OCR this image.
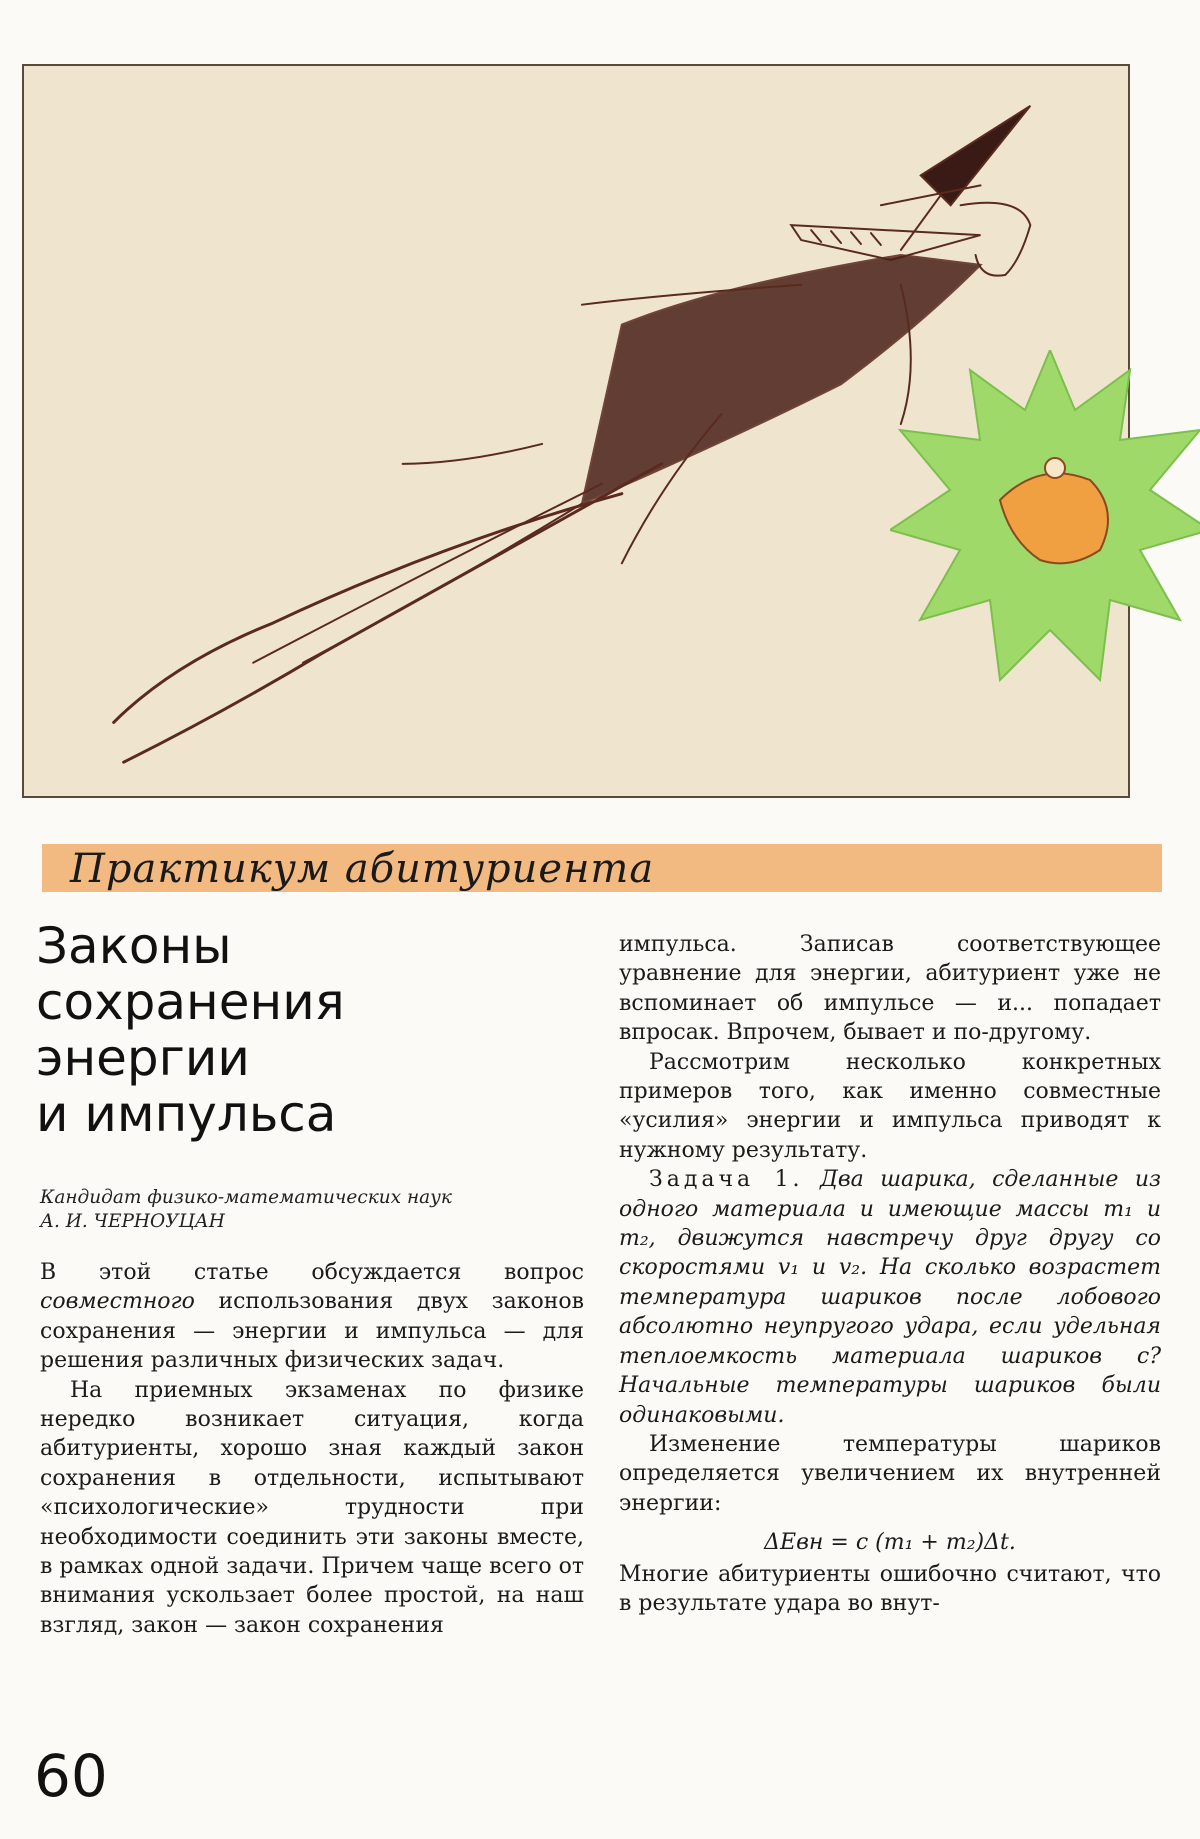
Практикум абитуриента
Законы
сохранения
энергии
и импульса
Кандидат физико-математических наук
А. И. ЧЕРНОУЦАН

В этой статье обсуждается вопрос совместного использования двух законов сохранения — энергии и импульса — для решения различных физических задач.

На приемных экзаменах по физике нередко возникает ситуация, когда абитуриенты, хорошо зная каждый закон сохранения в отдельности, испытывают «психологические» трудности при необходимости соединить эти законы вместе, в рамках одной задачи. Причем чаще всего от внимания ускользает более простой, на наш взгляд, закон — закон сохранения

импульса. Записав соответствующее уравнение для энергии, абитуриент уже не вспоминает об импульсе — и... попадает впросак. Впрочем, бывает и по-другому.

Рассмотрим несколько конкретных примеров того, как именно совместные «усилия» энергии и импульса приводят к нужному результату.

Задача 1. Два шарика, сделанные из одного материала и имеющие массы m₁ и m₂, движутся навстречу друг другу со скоростями v₁ и v₂. На сколько возрастет температура шариков после лобового абсолютно неупругого удара, если удельная теплоемкость материала шариков c? Начальные температуры шариков были одинаковыми.

Изменение температуры шариков определяется увеличением их внутренней энергии:

ΔEвн = c (m₁ + m₂)Δt.

Многие абитуриенты ошибочно считают, что в результате удара во внут-

60
